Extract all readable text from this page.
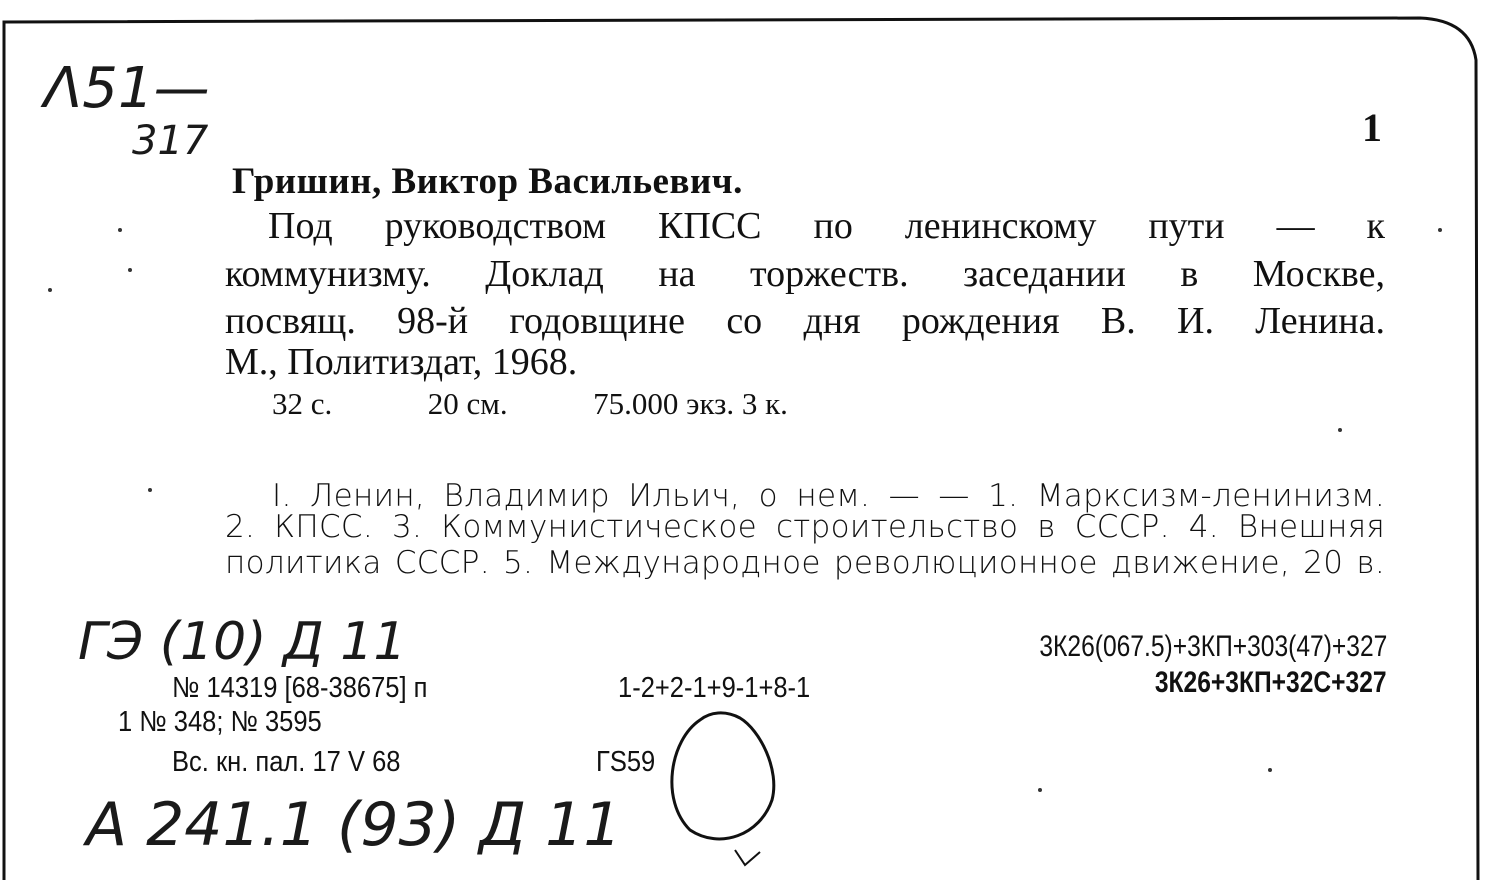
Λ51—
317	1
Гришин, Виктор Васильевич.
Под руководством КПСС по ленинскому пути — к
коммунизму. Доклад на торжеств. заседании в Москве,
посвящ. 98-й годовщине со дня рождения В. И. Ленина.
М., Политиздат, 1968.
32 с.	20 см.	75.000 экз. 3 к.
I. Ленин, Владимир Ильич, о нем. — — 1. Марксизм-ленинизм.
2. КПСС. 3. Коммунистическое строительство в СССР. 4. Внешняя
политика СССР. 5. Международное революционное движение, 20 в.
ГЭ (10) Д 11	3К26(067.5)+3КП+303(47)+327
3К26+3КП+32С+327
№ 14319 [68-38675] п	1-2+2-1+9-1+8-1
1 № 348; № 3595
Вс. кн. пал. 17 V 68	ГS59
А 241.1 (93) Д 11
